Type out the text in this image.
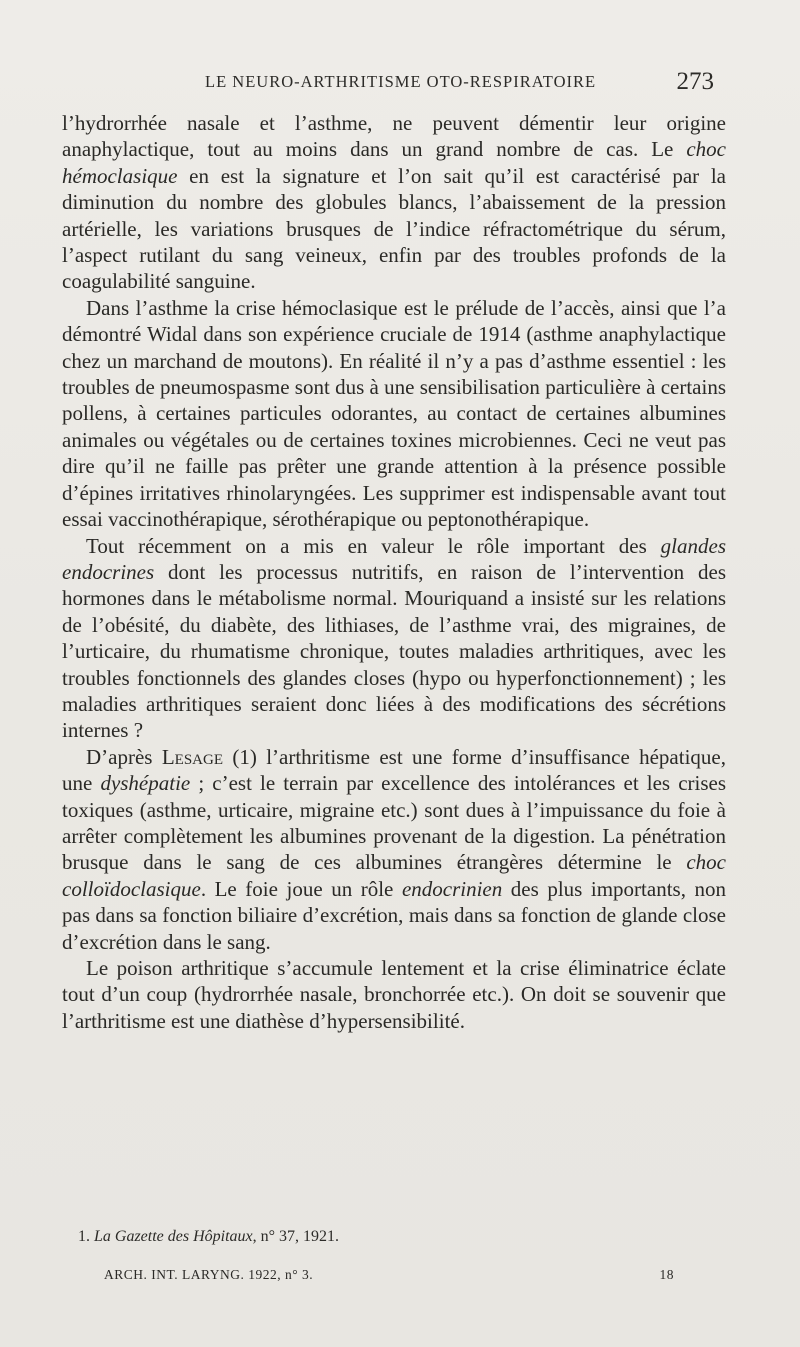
LE NEURO-ARTHRITISME OTO-RESPIRATOIRE	273

l’hydrorrhée nasale et l’asthme, ne peuvent démentir leur origine anaphylactique, tout au moins dans un grand nombre de cas. Le choc hémoclasique en est la signature et l’on sait qu’il est caractérisé par la diminution du nombre des globules blancs, l’abaissement de la pression artérielle, les variations brusques de l’indice réfractométrique du sérum, l’aspect rutilant du sang veineux, enfin par des troubles profonds de la coagulabilité sanguine.

Dans l’asthme la crise hémoclasique est le prélude de l’accès, ainsi que l’a démontré Widal dans son expérience cruciale de 1914 (asthme anaphylactique chez un marchand de moutons). En réalité il n’y a pas d’asthme essentiel : les troubles de pneumospasme sont dus à une sensibilisation particulière à certains pollens, à certaines particules odorantes, au contact de certaines albumines animales ou végétales ou de certaines toxines microbiennes. Ceci ne veut pas dire qu’il ne faille pas prêter une grande attention à la présence possible d’épines irritatives rhinolaryngées. Les supprimer est indispensable avant tout essai vaccinothérapique, sérothérapique ou peptonothérapique.

Tout récemment on a mis en valeur le rôle important des glandes endocrines dont les processus nutritifs, en raison de l’intervention des hormones dans le métabolisme normal. Mouriquand a insisté sur les relations de l’obésité, du diabète, des lithiases, de l’asthme vrai, des migraines, de l’urticaire, du rhumatisme chronique, toutes maladies arthritiques, avec les troubles fonctionnels des glandes closes (hypo ou hyperfonctionnement) ; les maladies arthritiques seraient donc liées à des modifications des sécrétions internes ?

D’après Lesage (1) l’arthritisme est une forme d’insuffisance hépatique, une dyshépatie ; c’est le terrain par excellence des intolérances et les crises toxiques (asthme, urticaire, migraine etc.) sont dues à l’impuissance du foie à arrêter complètement les albumines provenant de la digestion. La pénétration brusque dans le sang de ces albumines étrangères détermine le choc colloïdoclasique. Le foie joue un rôle endocrinien des plus importants, non pas dans sa fonction biliaire d’excrétion, mais dans sa fonction de glande close d’excrétion dans le sang.

Le poison arthritique s’accumule lentement et la crise éliminatrice éclate tout d’un coup (hydrorrhée nasale, bronchorrée etc.). On doit se souvenir que l’arthritisme est une diathèse d’hypersensibilité.

1. La Gazette des Hôpitaux, n° 37, 1921.
ARCH. INT. LARYNG. 1922, n° 3.	18
